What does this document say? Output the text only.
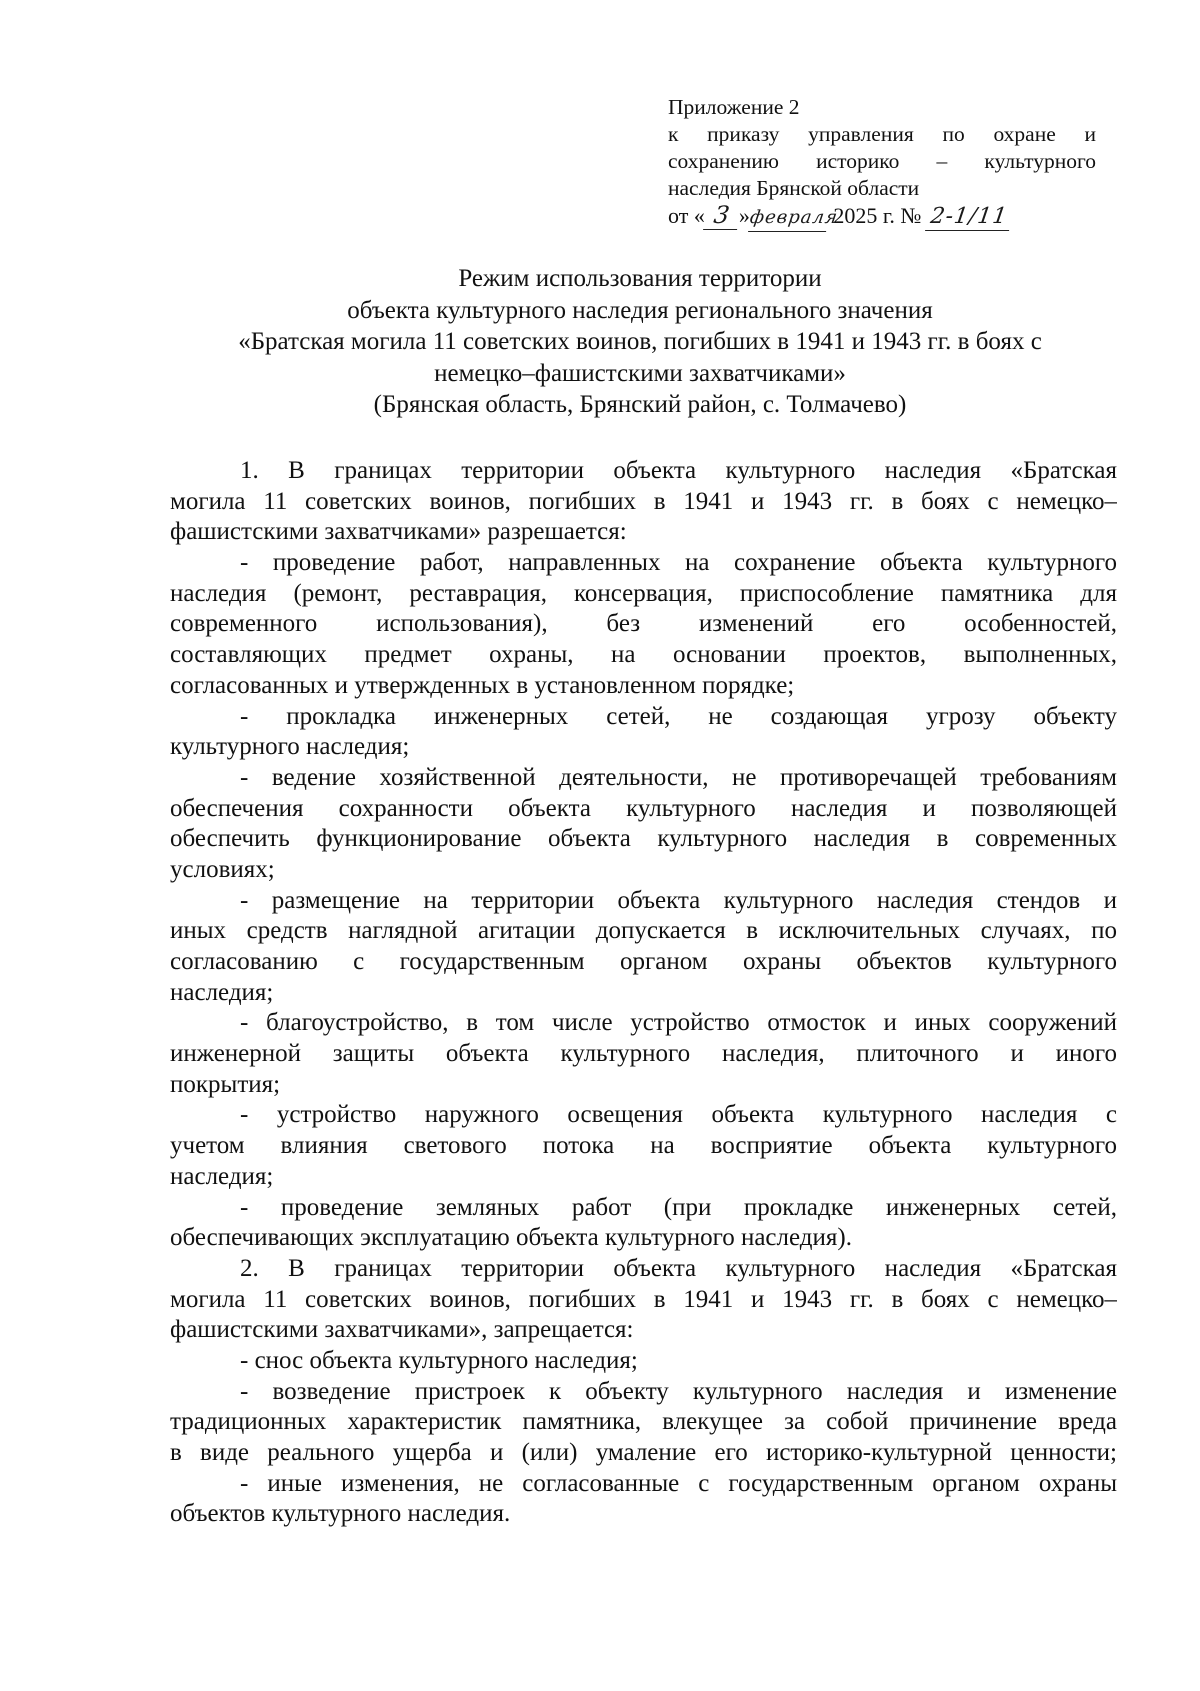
Приложение 2
к приказу управления по охране и
сохранению историко – культурного
наследия Брянской области
от « 3 »февраля 2025 г. № 2-1/11
Режим использования территории
объекта культурного наследия регионального значения
«Братская могила 11 советских воинов, погибших в 1941 и 1943 гг. в боях с
немецко–фашистскими захватчиками»
(Брянская область, Брянский район, с. Толмачево)
1. В границах территории объекта культурного наследия «Братская
могила 11 советских воинов, погибших в 1941 и 1943 гг. в боях с немецко–
фашистскими захватчиками» разрешается:
- проведение работ, направленных на сохранение объекта культурного
наследия (ремонт, реставрация, консервация, приспособление памятника для
современного использования), без изменений его особенностей,
составляющих предмет охраны, на основании проектов, выполненных,
согласованных и утвержденных в установленном порядке;
- прокладка инженерных сетей, не создающая угрозу объекту
культурного наследия;
- ведение хозяйственной деятельности, не противоречащей требованиям
обеспечения сохранности объекта культурного наследия и позволяющей
обеспечить функционирование объекта культурного наследия в современных
условиях;
- размещение на территории объекта культурного наследия стендов и
иных средств наглядной агитации допускается в исключительных случаях, по
согласованию с государственным органом охраны объектов культурного
наследия;
- благоустройство, в том числе устройство отмосток и иных сооружений
инженерной защиты объекта культурного наследия, плиточного и иного
покрытия;
- устройство наружного освещения объекта культурного наследия с
учетом влияния светового потока на восприятие объекта культурного
наследия;
- проведение земляных работ (при прокладке инженерных сетей,
обеспечивающих эксплуатацию объекта культурного наследия).
2. В границах территории объекта культурного наследия «Братская
могила 11 советских воинов, погибших в 1941 и 1943 гг. в боях с немецко–
фашистскими захватчиками», запрещается:
- снос объекта культурного наследия;
- возведение пристроек к объекту культурного наследия и изменение
традиционных характеристик памятника, влекущее за собой причинение вреда
в виде реального ущерба и (или) умаление его историко-культурной ценности;
- иные изменения, не согласованные с государственным органом охраны
объектов культурного наследия.
